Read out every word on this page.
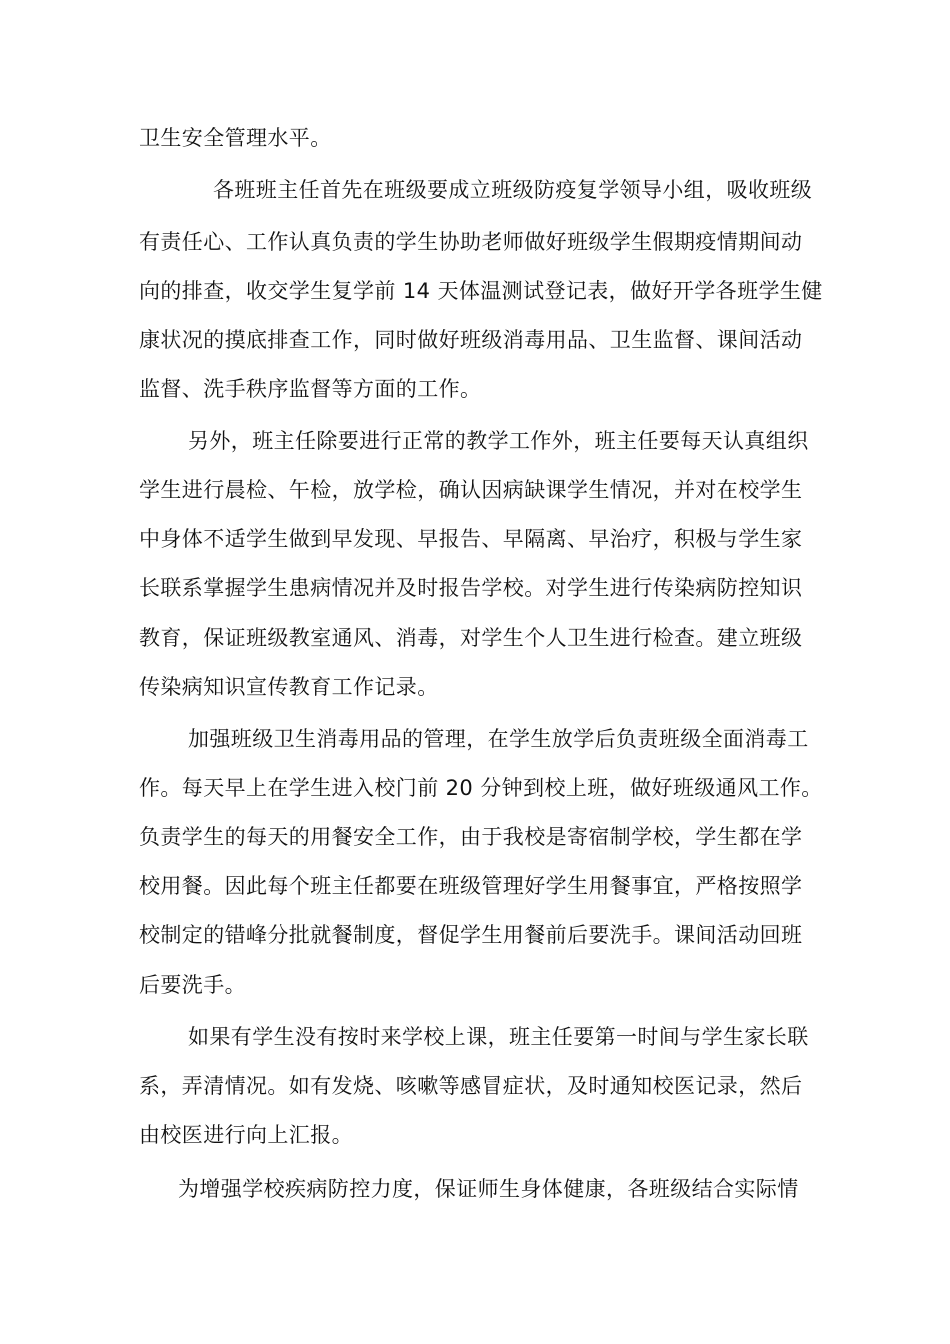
卫生安全管理水平。
各班班主任首先在班级要成立班级防疫复学领导小组，吸收班级
有责任心、工作认真负责的学生协助老师做好班级学生假期疫情期间动
向的排查，收交学生复学前 14 天体温测试登记表，做好开学各班学生健
康状况的摸底排查工作，同时做好班级消毒用品、卫生监督、课间活动
监督、洗手秩序监督等方面的工作。
另外，班主任除要进行正常的教学工作外，班主任要每天认真组织
学生进行晨检、午检，放学检，确认因病缺课学生情况，并对在校学生
中身体不适学生做到早发现、早报告、早隔离、早治疗，积极与学生家
长联系掌握学生患病情况并及时报告学校。对学生进行传染病防控知识
教育，保证班级教室通风、消毒，对学生个人卫生进行检查。建立班级
传染病知识宣传教育工作记录。
加强班级卫生消毒用品的管理，在学生放学后负责班级全面消毒工
作。每天早上在学生进入校门前 20 分钟到校上班，做好班级通风工作。
负责学生的每天的用餐安全工作，由于我校是寄宿制学校，学生都在学
校用餐。因此每个班主任都要在班级管理好学生用餐事宜，严格按照学
校制定的错峰分批就餐制度，督促学生用餐前后要洗手。课间活动回班
后要洗手。
如果有学生没有按时来学校上课，班主任要第一时间与学生家长联
系，弄清情况。如有发烧、咳嗽等感冒症状，及时通知校医记录，然后
由校医进行向上汇报。
为增强学校疾病防控力度，保证师生身体健康，各班级结合实际情
